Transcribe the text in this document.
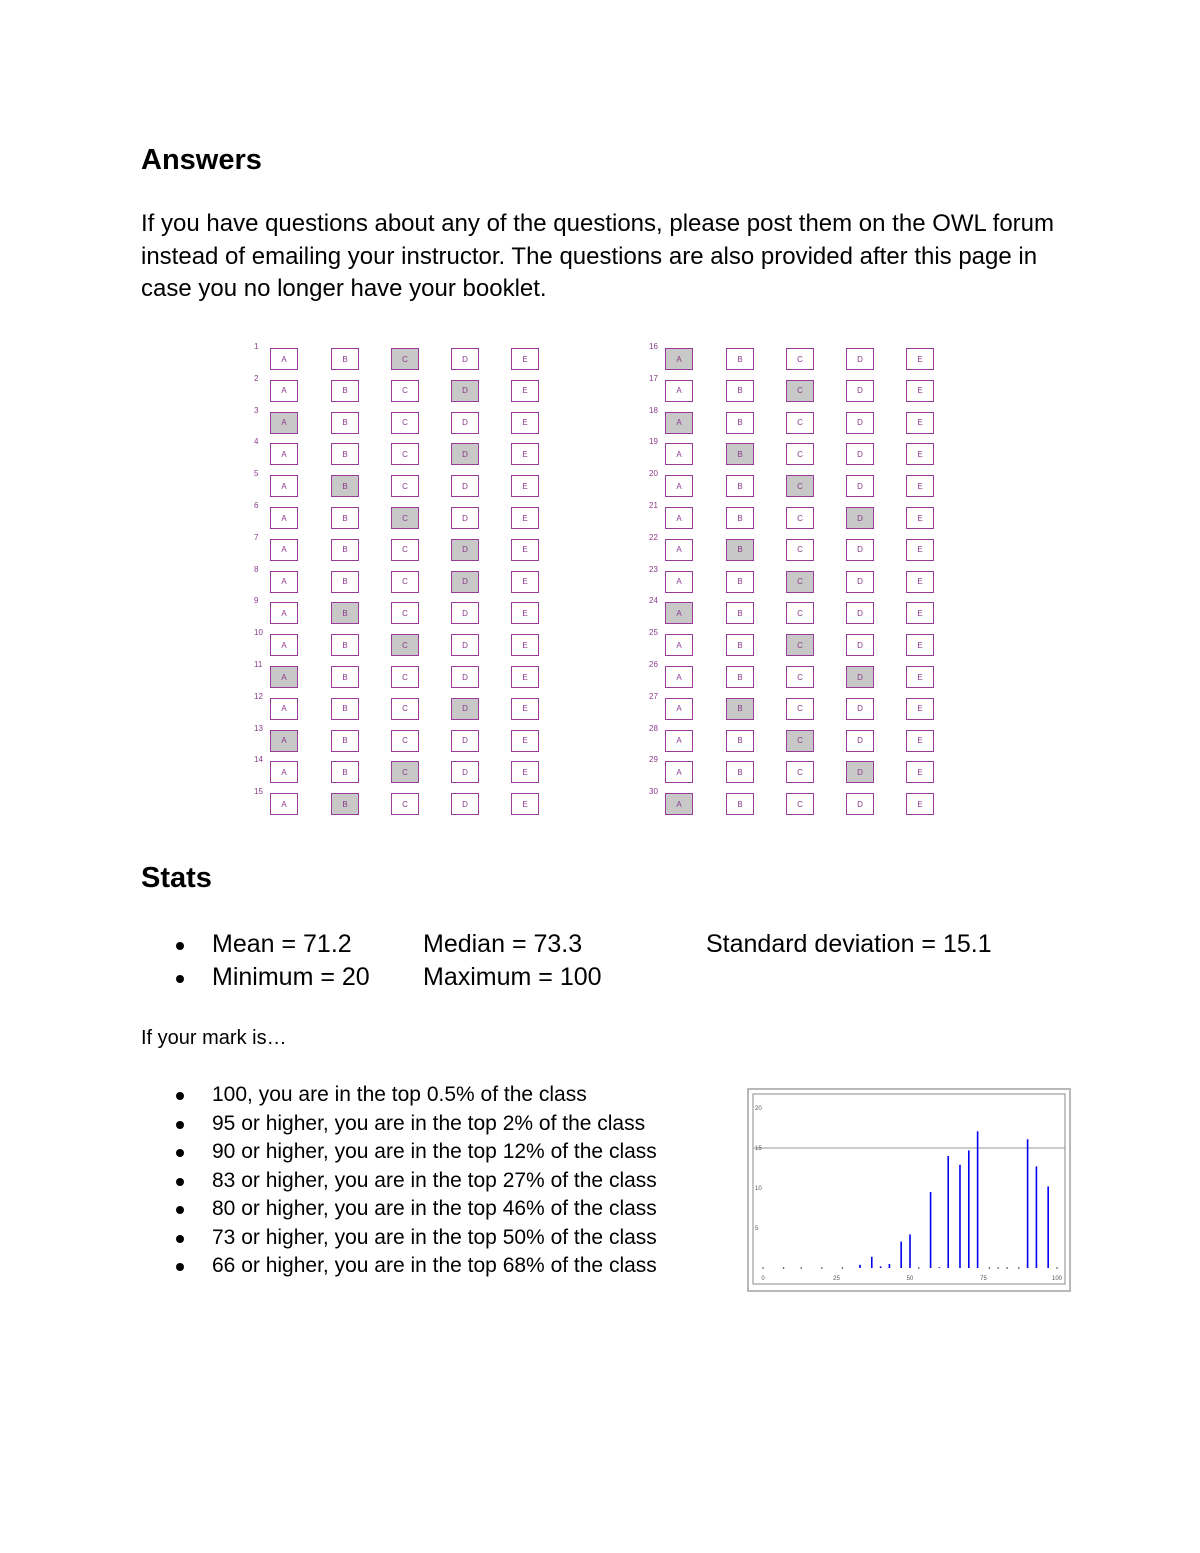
Answers

If you have questions about any of the questions, please post them on the OWL forum instead of emailing your instructor. The questions are also provided after this page in case you no longer have your booklet.

1
A	B	C	D	E
2
A	B	C	D	E
3
A	B	C	D	E
4
A	B	C	D	E
5
A	B	C	D	E
6
A	B	C	D	E
7
A	B	C	D	E
8
A	B	C	D	E
9
A	B	C	D	E
10
A	B	C	D	E
11
A	B	C	D	E
12
A	B	C	D	E
13
A	B	C	D	E
14
A	B	C	D	E
15
A	B	C	D	E
16
A	B	C	D	E
17
A	B	C	D	E
18
A	B	C	D	E
19
A	B	C	D	E
20
A	B	C	D	E
21
A	B	C	D	E
22
A	B	C	D	E
23
A	B	C	D	E
24
A	B	C	D	E
25
A	B	C	D	E
26
A	B	C	D	E
27
A	B	C	D	E
28
A	B	C	D	E
29
A	B	C	D	E
30
A	B	C	D	E
Stats
Mean = 71.2	Median = 73.3	Standard deviation = 15.1
Minimum = 20 Maximum = 100

If your mark is…

100, you are in the top 0.5% of the class
95 or higher, you are in the top 2% of the class
90 or higher, you are in the top 12% of the class
83 or higher, you are in the top 27% of the class
80 or higher, you are in the top 46% of the class
73 or higher, you are in the top 50% of the class
66 or higher, you are in the top 68% of the class
5
10
15
20
0	25	50	75	100
